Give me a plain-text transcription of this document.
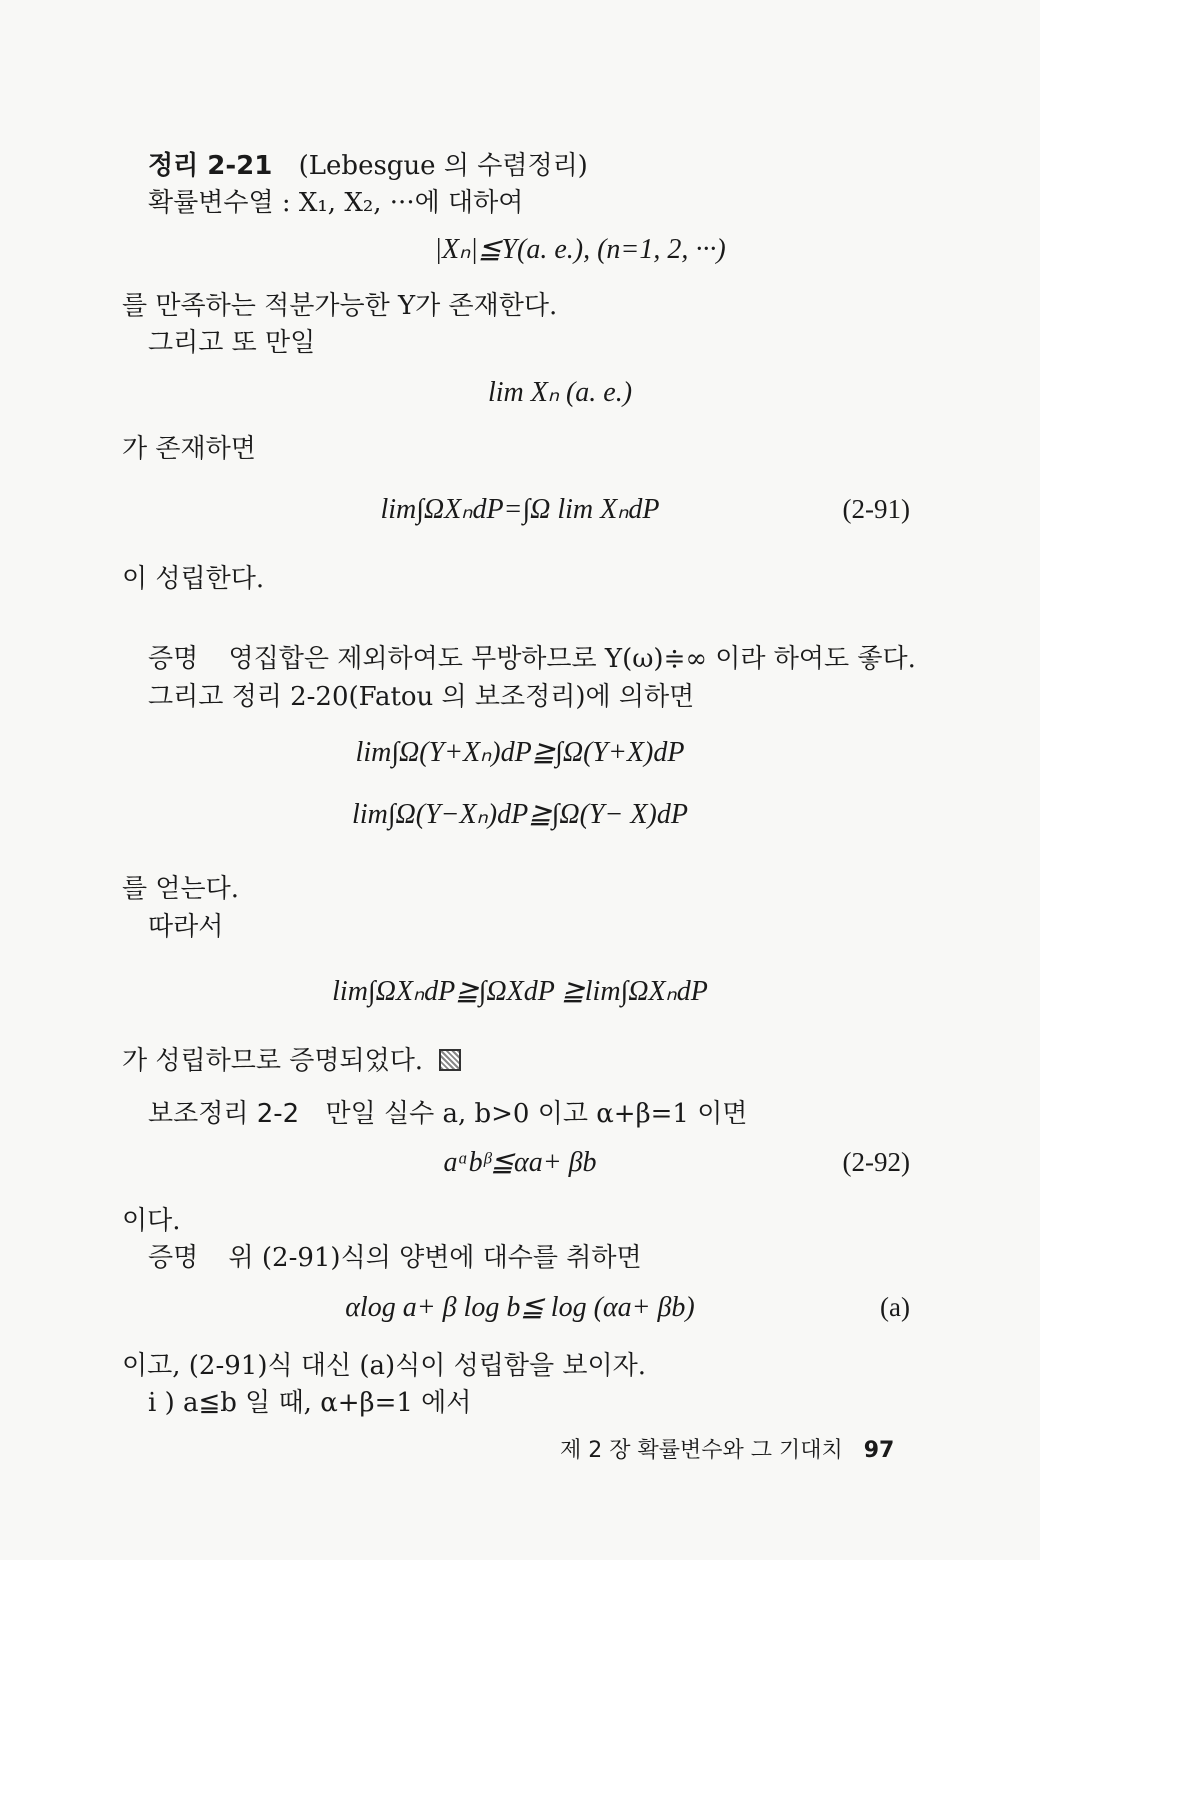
정리 2-21 (Lebesgue 의 수렴정리)
확률변수열 : X₁, X₂, ···에 대하여
|Xₙ|≦Y(a. e.), (n=1, 2, ···)
를 만족하는 적분가능한 Y가 존재한다.
그리고 또 만일
lim Xₙ (a. e.)
가 존재하면
lim∫ΩXₙdP=∫Ω lim XₙdP	(2-91)
이 성립한다.
증명 영집합은 제외하여도 무방하므로 Y(ω)≑∞ 이라 하여도 좋다.
그리고 정리 2-20(Fatou 의 보조정리)에 의하면
lim∫Ω(Y+Xₙ)dP≧∫Ω(Y+X)dP
lim∫Ω(Y−Xₙ)dP≧∫Ω(Y− X)dP
를 얻는다.
따라서
lim∫ΩXₙdP≧∫ΩXdP ≧lim∫ΩXₙdP
가 성립하므로 증명되었다.
보조정리 2-2 만일 실수 a, b>0 이고 α+β=1 이면
aᵅbᵝ≦αa+ βb	(2-92)
이다.
증명 위 (2-91)식의 양변에 대수를 취하면
αlog a+ β log b≦ log (αa+ βb)	(a)
이고, (2-91)식 대신 (a)식이 성립함을 보이자.
i ) a≦b 일 때, α+β=1 에서
제 2 장 확률변수와 그 기대치 97
